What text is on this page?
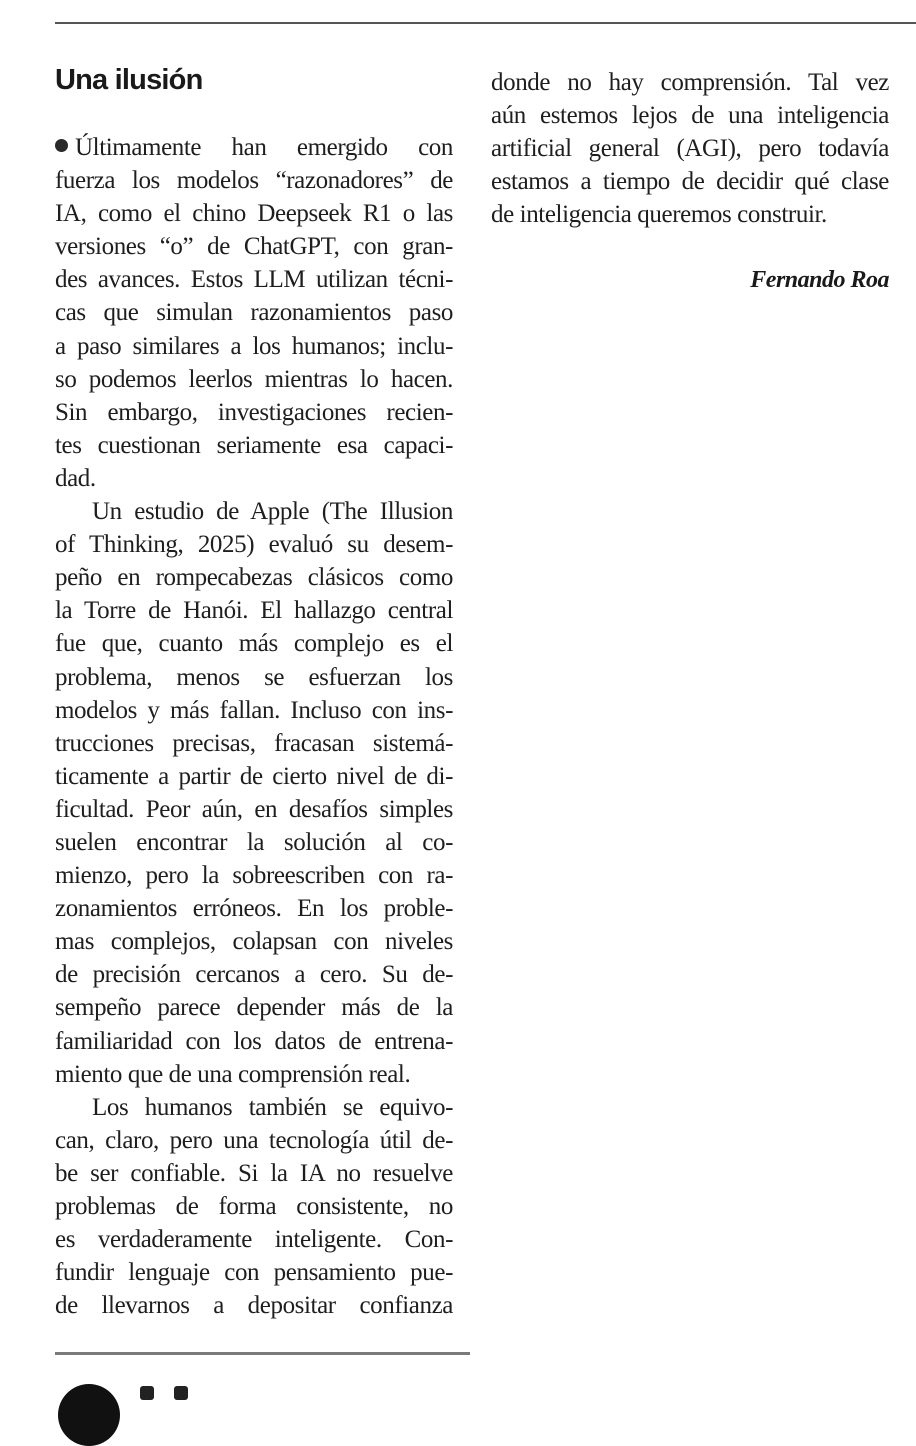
Una ilusión
Últimamente han emergido con
fuerza los modelos “razonadores” de
IA, como el chino Deepseek R1 o las
versiones “o” de ChatGPT, con gran-
des avances. Estos LLM utilizan técni-
cas que simulan razonamientos paso
a paso similares a los humanos; inclu-
so podemos leerlos mientras lo hacen.
Sin embargo, investigaciones recien-
tes cuestionan seriamente esa capaci-
dad.
Un estudio de Apple (The Illusion
of Thinking, 2025) evaluó su desem-
peño en rompecabezas clásicos como
la Torre de Hanói. El hallazgo central
fue que, cuanto más complejo es el
problema, menos se esfuerzan los
modelos y más fallan. Incluso con ins-
trucciones precisas, fracasan sistemá-
ticamente a partir de cierto nivel de di-
ficultad. Peor aún, en desafíos simples
suelen encontrar la solución al co-
mienzo, pero la sobreescriben con ra-
zonamientos erróneos. En los proble-
mas complejos, colapsan con niveles
de precisión cercanos a cero. Su de-
sempeño parece depender más de la
familiaridad con los datos de entrena-
miento que de una comprensión real.
Los humanos también se equivo-
can, claro, pero una tecnología útil de-
be ser confiable. Si la IA no resuelve
problemas de forma consistente, no
es verdaderamente inteligente. Con-
fundir lenguaje con pensamiento pue-
de llevarnos a depositar confianza
donde no hay comprensión. Tal vez
aún estemos lejos de una inteligencia
artificial general (AGI), pero todavía
estamos a tiempo de decidir qué clase
de inteligencia queremos construir.
Fernando Roa
